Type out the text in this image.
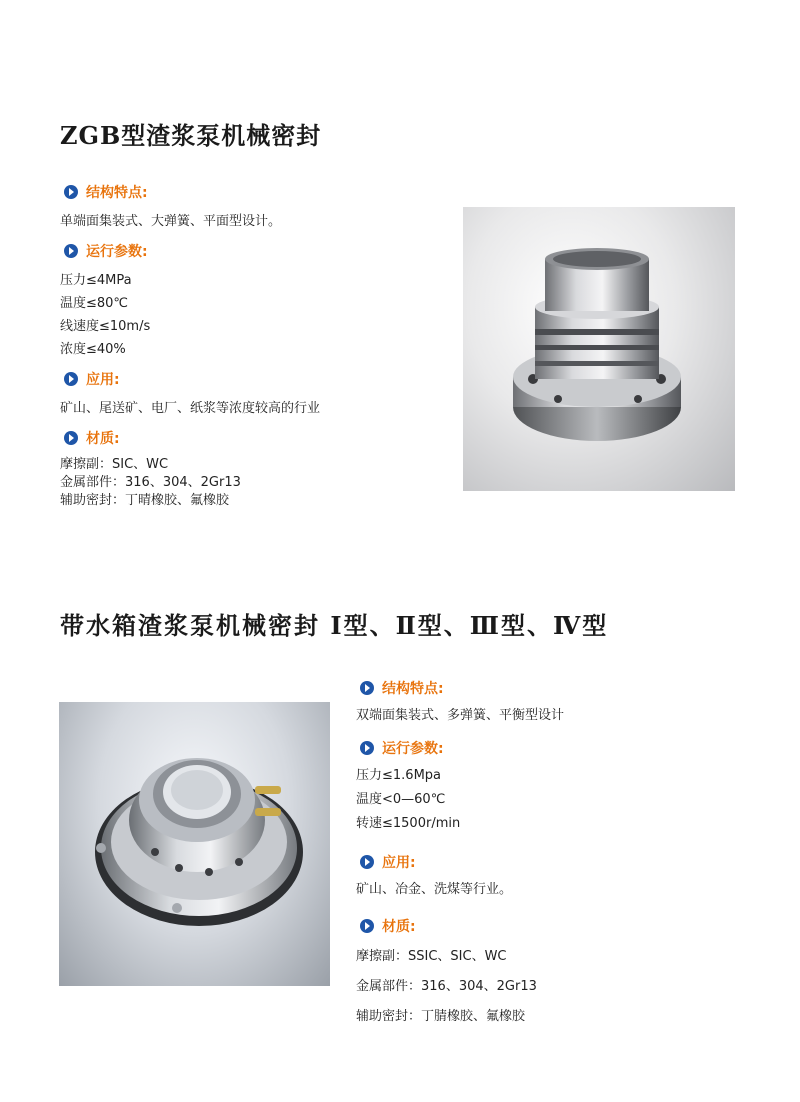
ZGB型渣浆泵机械密封
结构特点:
单端面集装式、大弹簧、平面型设计。
运行参数:
压力≤4MPa
温度≤80℃
线速度≤10m/s
浓度≤40%
应用:
矿山、尾送矿、电厂、纸浆等浓度较高的行业
材质:
摩擦副：SIC、WC
金属部件：316、304、2Gr13
辅助密封：丁晴橡胶、氟橡胶
带水箱渣浆泵机械密封 Ⅰ型、Ⅱ型、Ⅲ型、Ⅳ型
结构特点:
双端面集装式、多弹簧、平衡型设计
运行参数:
压力≤1.6Mpa
温度<0—60℃
转速≤1500r/min
应用:
矿山、冶金、洗煤等行业。
材质:
摩擦副：SSIC、SIC、WC
金属部件：316、304、2Gr13
辅助密封：丁腈橡胶、氟橡胶
